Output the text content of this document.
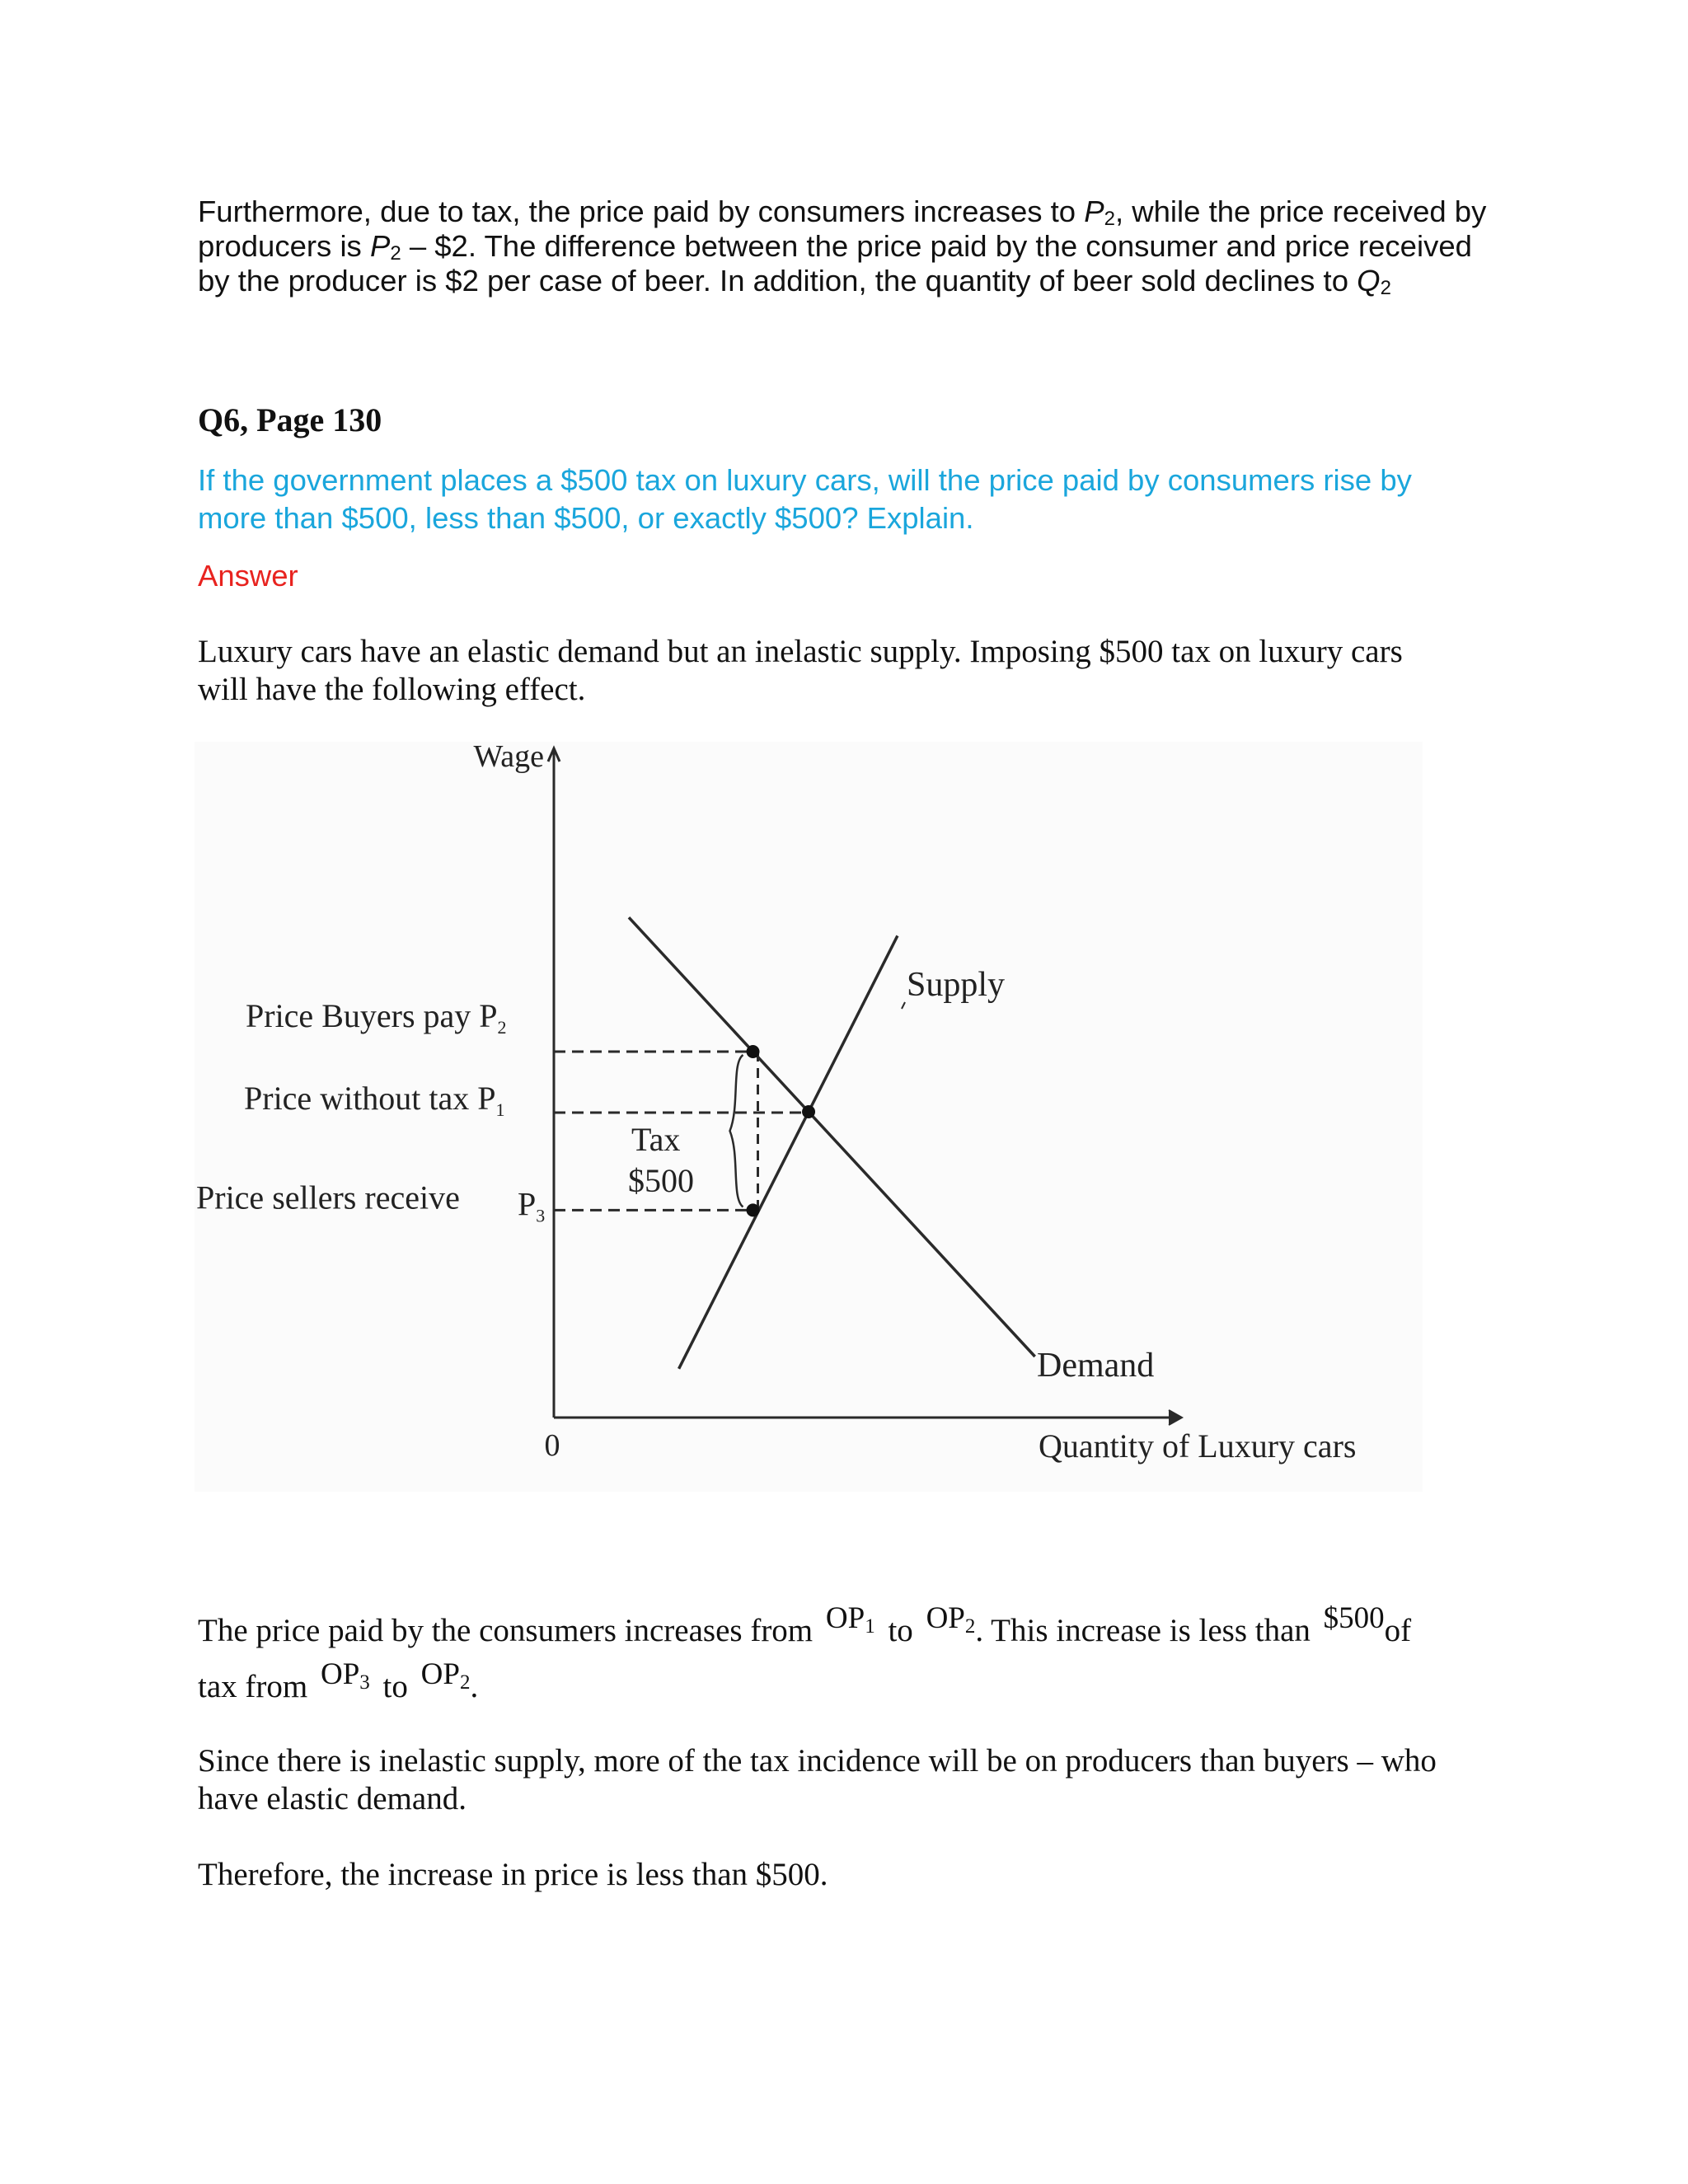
Furthermore, due to tax, the price paid by consumers increases to $P_2$, while the price received by
producers is $P_2$ – $2. The difference between the price paid by the consumer and price received
by the producer is $2 per case of beer. In addition, the quantity of beer sold declines to $Q_2$
Q6, Page 130
If the government places a $500 tax on luxury cars, will the price paid by consumers rise by
more than $500, less than $500, or exactly $500? Explain.
Answer
Luxury cars have an elastic demand but an inelastic supply. Imposing $500 tax on luxury cars
will have the following effect.
Wage
0	Quantity of Luxury cars
Price Buyers pay $P_2$
Price without tax $P_1$
Price sellers receive $P_3$
Tax
$500
Supply
Demand
The price paid by the consumers increases from $OP_1$ to $OP_2$. This increase is less than $500of
tax from $OP_3$ to $OP_2$.
Since there is inelastic supply, more of the tax incidence will be on producers than buyers – who
have elastic demand.
Therefore, the increase in price is less than $500.
